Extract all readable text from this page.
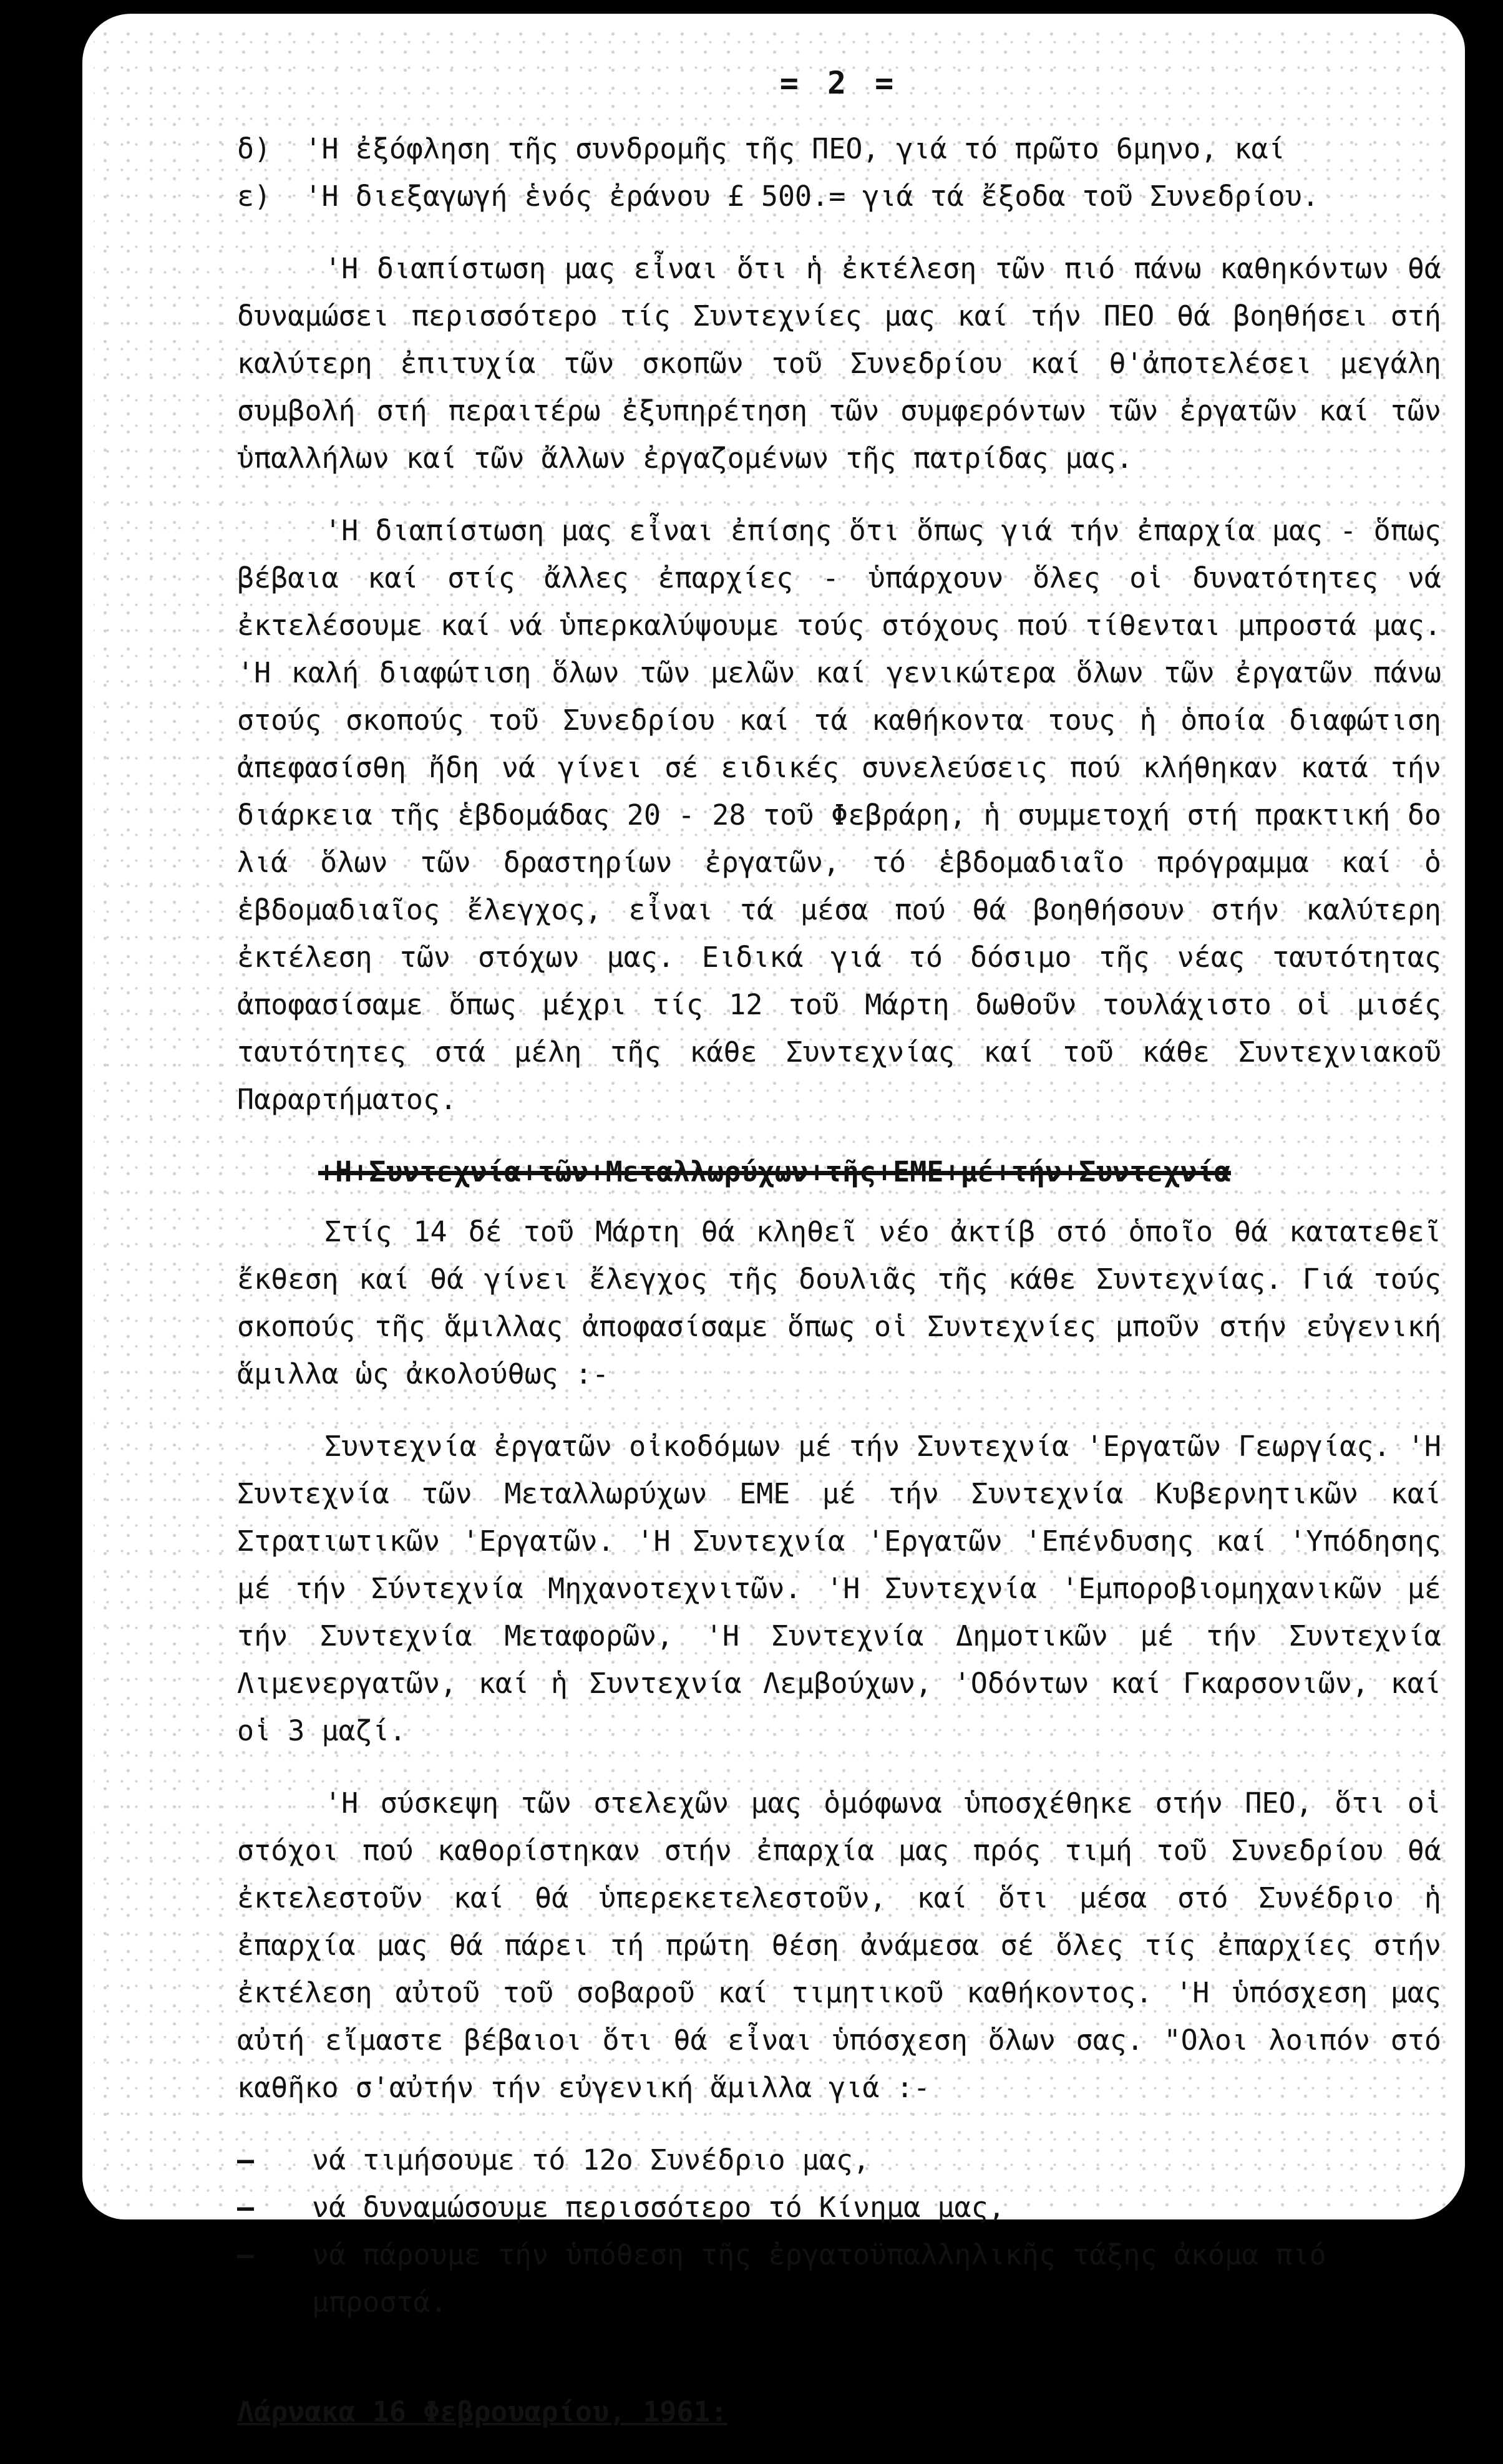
= 2 =

δ) 'Η ἐξόφληση τῆς συνδρομῆς τῆς ΠΕΟ, γιά τό πρῶτο 6μηνο, καί

ε) 'Η διεξαγωγή ἑνός ἐράνου £ 500.= γιά τά ἔξοδα τοῦ Συνεδρίου.

'Η διαπίστωση μας εἶναι ὅτι ἡ ἐκτέλεση τῶν πιό πάνω καθηκόντων θά δυναμώσει περισσότερο τίς Συντεχνίες μας καί τήν ΠΕΟ θά βοηθήσει στή καλύτερη ἐπιτυχία τῶν σκοπῶν τοῦ Συνεδρίου καί θ'ἀποτελέσει μεγάλη συμβολή στή περαιτέρω ἐξυπηρέτηση τῶν συμφερόντων τῶν ἐργατῶν καί τῶν ὑπαλλήλων καί τῶν ἄλλων ἐργαζομένων τῆς πατρίδας μας.

'Η διαπίστωση μας εἶναι ἐπίσης ὅτι ὅπως γιά τήν ἐπαρχία μας - ὅπως βέβαια καί στίς ἄλλες ἐπαρχίες - ὑπάρχουν ὅλες οἱ δυνατότητες νά ἐκτελέσουμε καί νά ὑπερκαλύψουμε τούς στόχους πού τίθενται μπροστά μας. 'Η καλή διαφώτιση ὅλων τῶν μελῶν καί γενικώτερα ὅλων τῶν ἐργατῶν πάνω στούς σκοπούς τοῦ Συνεδρίου καί τά καθήκοντα τους ἡ ὁποία διαφώτιση ἀπεφασίσθη ἤδη νά γίνει σέ ειδικές συνελεύσεις πού κλήθηκαν κατά τήν διάρκεια τῆς ἑβδομάδας 20 - 28 τοῦ Φεβράρη, ἡ συμμετοχή στή πρακτική δο λιά ὅλων τῶν δραστηρίων ἐργατῶν, τό ἑβδομαδιαῖο πρόγραμμα καί ὁ ἑβδομαδιαῖος ἔλεγχος, εἶναι τά μέσα πού θά βοηθήσουν στήν καλύτερη ἐκτέλεση τῶν στόχων μας. Ειδικά γιά τό δόσιμο τῆς νέας ταυτότητας ἀποφασίσαμε ὅπως μέχρι τίς 12 τοῦ Μάρτη δωθοῦν τουλάχιστο οἱ μισές ταυτότητες στά μέλη τῆς κάθε Συντεχνίας καί τοῦ κάθε Συντεχνιακοῦ Παραρτήματος.

+Η+Συντεχνία+τῶν+Μεταλλωρύχων+τῆς+ΕΜΕ+μέ+τήν+Συντεχνία

Στίς 14 δέ τοῦ Μάρτη θά κληθεῖ νέο ἀκτίβ στό ὁποῖο θά κατατεθεῖ ἔκθεση καί θά γίνει ἔλεγχος τῆς δουλιᾶς τῆς κάθε Συντεχνίας. Γιά τούς σκοπούς τῆς ἅμιλλας ἀποφασίσαμε ὅπως οἱ Συντεχνίες μποῦν στήν εὐγενική ἅμιλλα ὡς ἀκολούθως :-

Συντεχνία ἐργατῶν οἰκοδόμων μέ τήν Συντεχνία 'Εργατῶν Γεωργίας. 'Η Συντεχνία τῶν Μεταλλωρύχων ΕΜΕ μέ τήν Συντεχνία Κυβερνητικῶν καί Στρατιωτικῶν 'Εργατῶν. 'Η Συντεχνία 'Εργατῶν 'Επένδυσης καί 'Υπόδησης μέ τήν Σύντεχνία Μηχανοτεχνιτῶν. 'Η Συντεχνία 'Εμποροβιομηχανικῶν μέ τήν Συντεχνία Μεταφορῶν, 'Η Συντεχνία Δημοτικῶν μέ τήν Συντεχνία Λιμενεργατῶν, καί ἡ Συντεχνία Λεμβούχων, 'Οδόντων καί Γκαρσονιῶν, καί οἱ 3 μαζί.

'Η σύσκεψη τῶν στελεχῶν μας ὁμόφωνα ὑποσχέθηκε στήν ΠΕΟ, ὅτι οἱ στόχοι πού καθορίστηκαν στήν ἐπαρχία μας πρός τιμή τοῦ Συνεδρίου θά ἐκτελεστοῦν καί θά ὑπερεκετελεστοῦν, καί ὅτι μέσα στό Συνέδριο ἡ ἐπαρχία μας θά πάρει τή πρώτη θέση ἀνάμεσα σέ ὅλες τίς ἐπαρχίες στήν ἐκτέλεση αὐτοῦ τοῦ σοβαροῦ καί τιμητικοῦ καθήκοντος. 'Η ὑπόσχεση μας αὐτή εἴμαστε βέβαιοι ὅτι θά εἶναι ὑπόσχεση ὅλων σας. "Ολοι λοιπόν στό καθῆκο σ'αὐτήν τήν εὐγενική ἅμιλλα γιά :-

—	νά τιμήσουμε τό 12ο Συνέδριο μας,
—	νά δυναμώσουμε περισσότερο τό Κίνημα μας,
—	νά πάρουμε τήν ὑπόθεση τῆς ἐργατοϋπαλληλικῆς τάξης ἀκόμα πιό μπροστά.

Λάρνακα 16 Φεβρουαρίου, 1961:
